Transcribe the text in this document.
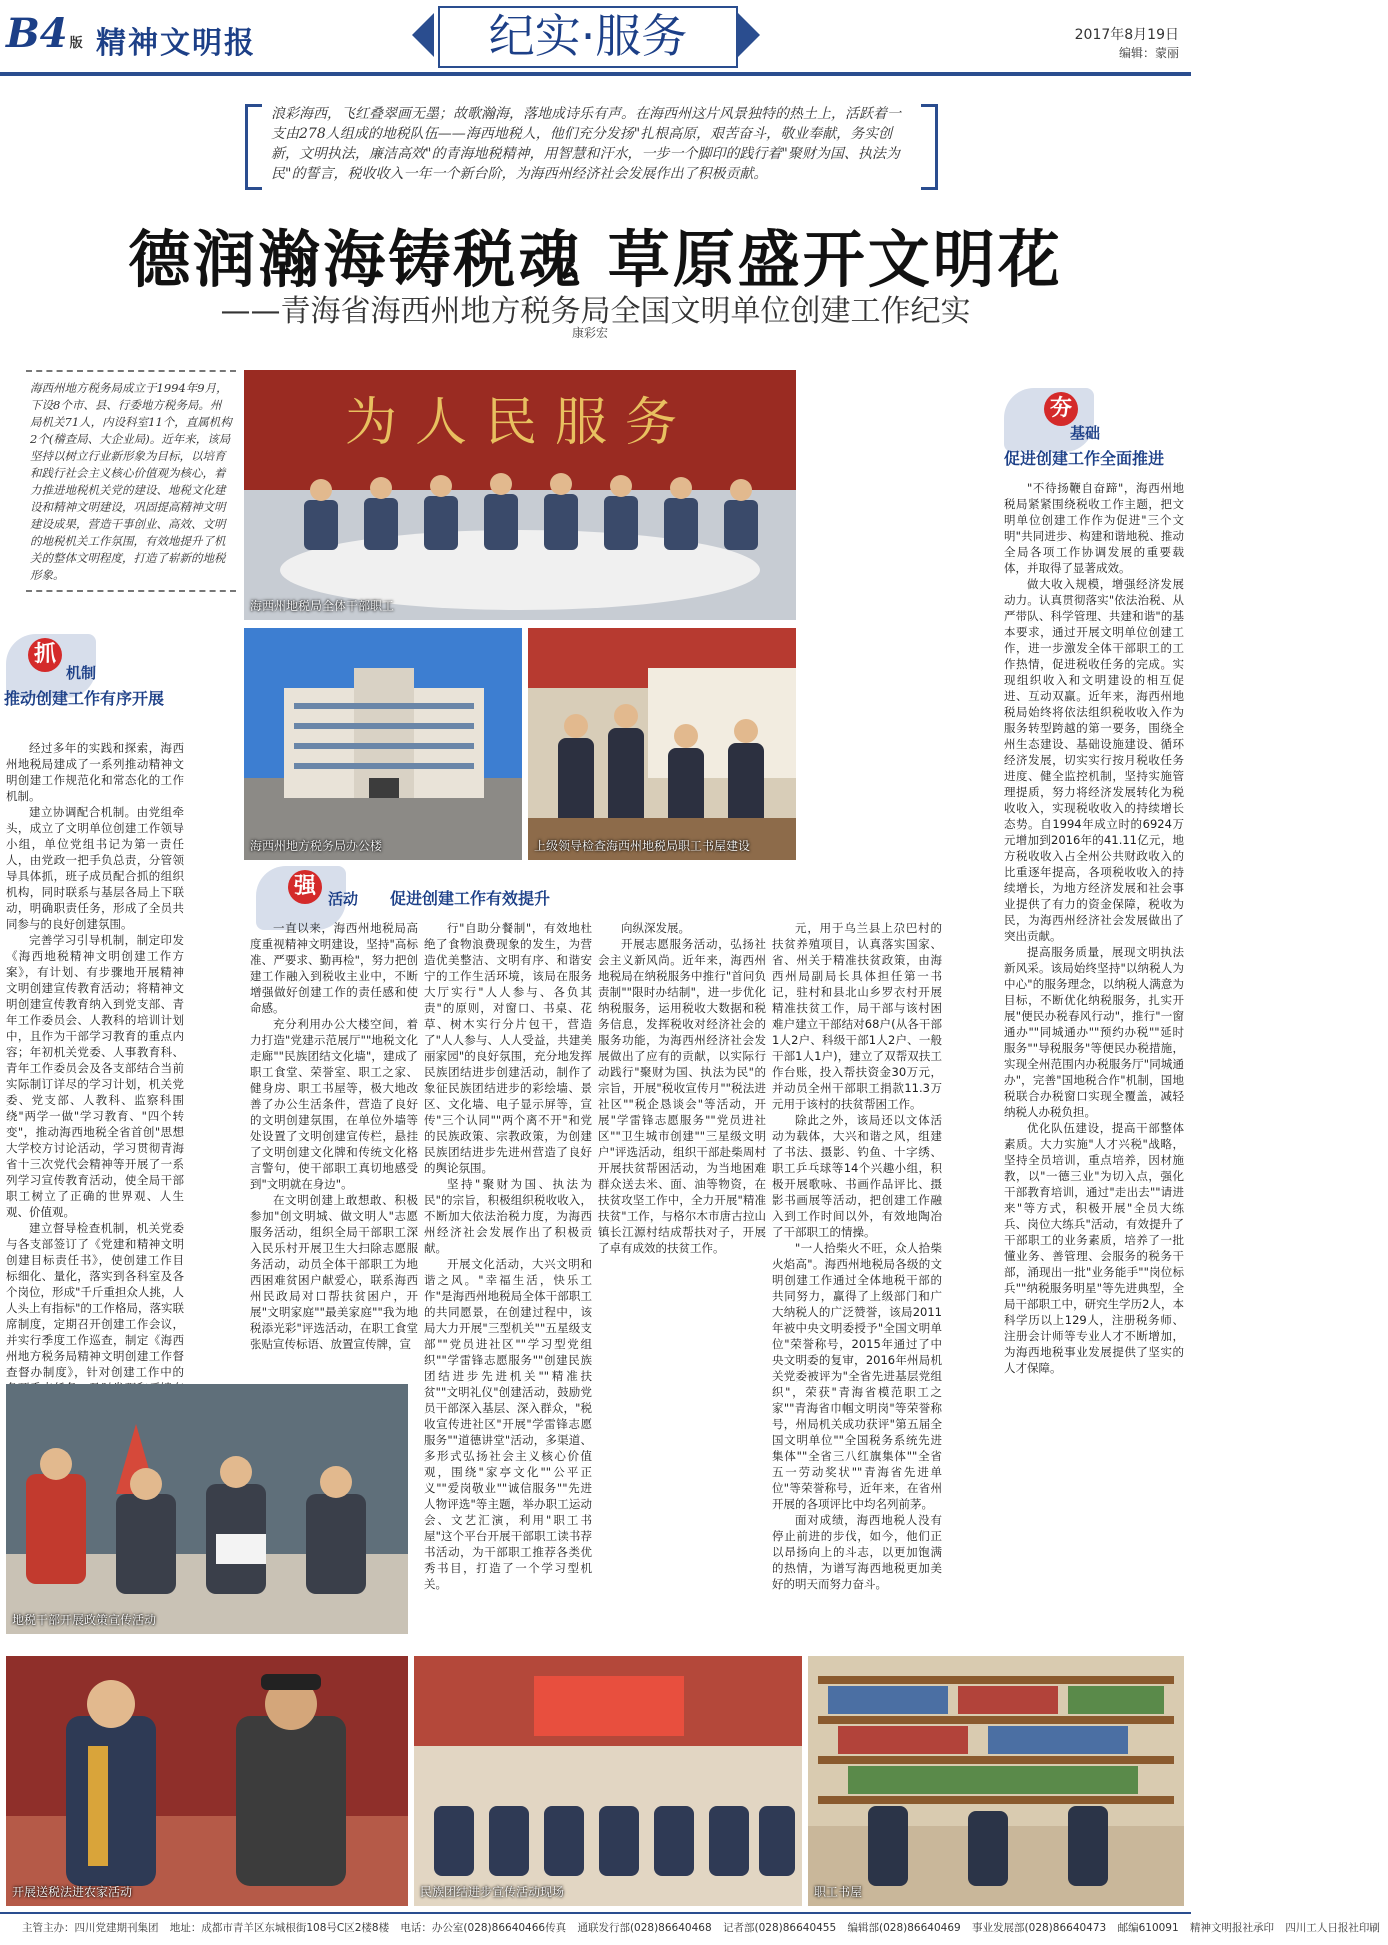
B4 版 精神文明报	纪实·服务	2017年8月19日
编辑：蒙丽
浪彩海西，飞红叠翠画无墨；故歌瀚海，落地成诗乐有声。在海西州这片风景独特的热土上，活跃着一支由278人组成的地税队伍——海西地税人，他们充分发扬"扎根高原，艰苦奋斗，敬业奉献，务实创新，文明执法，廉洁高效"的青海地税精神，用智慧和汗水，一步一个脚印的践行着"聚财为国、执法为民"的誓言，税收收入一年一个新台阶，为海西州经济社会发展作出了积极贡献。
德润瀚海铸税魂 草原盛开文明花
——青海省海西州地方税务局全国文明单位创建工作纪实
康彩宏
海西州地方税务局成立于1994年9月，下设8个市、县、行委地方税务局。州局机关71人，内设科室11个，直属机构2个(稽查局、大企业局)。近年来，该局坚持以树立行业新形象为目标，以培育和践行社会主义核心价值观为核心，着力推进地税机关党的建设、地税文化建设和精神文明建设，巩固提高精神文明建设成果，营造干事创业、高效、文明的地税机关工作氛围，有效地提升了机关的整体文明程度，打造了崭新的地税形象。
为人民服务
海西州地税局全体干部职工
海西州地方税务局办公楼	上级领导检查海西州地税局职工书屋建设
抓
机制
推动创建工作有序开展
强 活动 促进创建工作有效提升
夯
基础
促进创建工作全面推进

经过多年的实践和探索，海西州地税局建成了一系列推动精神文明创建工作规范化和常态化的工作机制。

建立协调配合机制。由党组牵头，成立了文明单位创建工作领导小组，单位党组书记为第一责任人，由党政一把手负总责，分管领导具体抓，班子成员配合抓的组织机构，同时联系与基层各局上下联动，明确职责任务，形成了全员共同参与的良好创建氛围。

完善学习引导机制，制定印发《海西地税精神文明创建工作方案》，有计划、有步骤地开展精神文明创建宣传教育活动；将精神文明创建宣传教育纳入到党支部、青年工作委员会、人教科的培训计划中，且作为干部学习教育的重点内容；年初机关党委、人事教育科、青年工作委员会及各支部结合当前实际制订详尽的学习计划，机关党委、党支部、人教科、监察科围绕"两学一做"学习教育、"四个转变"，推动海西地税全省首创"思想大学校方讨论活动，学习贯彻青海省十三次党代会精神等开展了一系列学习宣传教育活动，使全局干部职工树立了正确的世界观、人生观、价值观。

建立督导检查机制，机关党委与各支部签订了《党建和精神文明创建目标责任书》，使创建工作目标细化、量化，落实到各科室及各个岗位，形成"千斤重担众人挑，人人头上有指标"的工作格局，落实联席制度，定期召开创建工作会议，并实行季度工作巡查，制定《海西州地方税务局精神文明创建工作督查督办制度》，针对创建工作中的

一直以来，海西州地税局高度重视精神文明建设，坚持"高标准、严要求、勤再检"，努力把创建工作融入到税收主业中，不断增强做好创建工作的责任感和使命感。

充分利用办公大楼空间，着力打造"党建示范展厅""地税文化走廊""民族团结文化墙"，建成了职工食堂、荣誉室、职工之家、健身房、职工书屋等，极大地改善了办公生活条件，营造了良好的文明创建氛围，在单位外墙等处设置了文明创建宣传栏，悬挂了文明创建文化牌和传统文化格言警句，使干部职工真切地感受到"文明就在身边"。

在文明创建上敢想敢、积极参加"创文明城、做文明人"志愿服务活动，组织全局干部职工深入民乐村开展卫生大扫除志愿服务活动，动员全体干部职工为地西困难贫困户献爱心，联系海西州民政局对口帮扶贫困户，开展"文明家庭""最美家庭""我为地税添光彩"评选活动，在职工食堂张贴宣传标语、放置宣传牌，宣

行"自助分餐制"，有效地杜绝了食物浪费现象的发生，为营造优美整洁、文明有序、和谐安宁的工作生活环境，该局在服务大厅实行"人人参与、各负其责"的原则，对窗口、书桌、花草、树木实行分片包干，营造了"人人参与、人人受益，共建美丽家园"的良好氛围，充分地发挥民族团结进步创建活动，制作了象征民族团结进步的彩绘墙、景区、文化墙、电子显示屏等，宣传"三个认同""两个离不开"和党的民族政策、宗教政策，为创建民族团结进步先进州营造了良好的舆论氛围。

坚持"聚财为国、执法为民"的宗旨，积极组织税收收入，不断加大依法治税力度，为海西州经济社会发展作出了积极贡献。

开展文化活动，大兴文明和谐之风。"幸福生活，快乐工作"是海西州地税局全体干部职工的共同愿景，在创建过程中，该局大力开展"三型机关""五星级支部""党员进社区""学习型党组织""学雷锋志愿服务""创建民族团结进步先进机关""精准扶贫""文明礼仪"创建活动，鼓励党员干部深入基层、深入群众，"税收宣传进社区"开展"学雷锋志愿服务""道德讲堂"活动，多渠道、多形式弘扬社会主义核心价值观，围绕"家亭文化""公平正义""爱岗敬业""诚信服务""先进人物评选"等主题，举办职工运动会、文艺汇演，利用"职工书屋"这个平台开展干部职工读书荐书活动，为干部职工推荐各类优秀书目，打造了一个学习型机关。

向纵深发展。

开展志愿服务活动，弘扬社会主义新风尚。近年来，海西州地税局在纳税服务中推行"首问负责制""限时办结制"，进一步优化纳税服务，运用税收大数据和税务信息，发挥税收对经济社会的服务功能，为海西州经济社会发展做出了应有的贡献，以实际行动践行"聚财为国、执法为民"的宗旨，开展"税收宣传月""税法进社区""税企恳谈会"等活动，开展"学雷锋志愿服务""党员进社区""卫生城市创建""三星级文明户"评选活动，组织干部赴柴周村开展扶贫帮困活动，为当地困难群众送去米、面、油等物资，在扶贫攻坚工作中，全力开展"精准扶贫"工作，与格尔木市唐古拉山镇长江源村结成帮扶对子，开展了卓有成效的扶贫工作。

元，用于乌兰县上尕巴村的扶贫养殖项目，认真落实国家、省、州关于精准扶贫政策，由海西州局副局长具体担任第一书记，驻村和县北山乡罗衣村开展精准扶贫工作，局干部与该村困难户建立干部结对68户(从各干部1人2户、科级干部1人2户、一般干部1人1户)，建立了双帮双扶工作台账，投入帮扶资金30万元，并动员全州干部职工捐款11.3万元用于该村的扶贫帮困工作。

除此之外，该局还以文体活动为载体，大兴和谐之风，组建了书法、摄影、钓鱼、十字绣、职工乒乓球等14个兴趣小组，积极开展歌咏、书画作品评比、摄影书画展等活动，把创建工作融入到工作时间以外，有效地陶冶了干部职工的情操。

"一人拾柴火不旺，众人拾柴火焰高"。海西州地税局各级的文明创建工作通过全体地税干部的共同努力，赢得了上级部门和广大纳税人的广泛赞誉，该局2011年被中央文明委授予"全国文明单位"荣誉称号，2015年通过了中央文明委的复审，2016年州局机关党委被评为"全省先进基层党组织"，荣获"青海省模范职工之家""青海省巾帼文明岗"等荣誉称号，州局机关成功获评"第五届全国文明单位""全国税务系统先进集体""全省三八红旗集体""全省五一劳动奖状""青海省先进单位"等荣誉称号，近年来，在省州开展的各项评比中均名列前茅。

面对成绩，海西地税人没有停止前进的步伐，如今，他们正以昂扬向上的斗志，以更加饱满的热情，为谱写海西地税更加美好的明天而努力奋斗。

"不待扬鞭自奋蹄"，海西州地税局紧紧围绕税收工作主题，把文明单位创建工作作为促进"三个文明"共同进步、构建和谐地税、推动全局各项工作协调发展的重要载体，并取得了显著成效。

做大收入规模，增强经济发展动力。认真贯彻落实"依法治税、从严带队、科学管理、共建和谐"的基本要求，通过开展文明单位创建工作，进一步激发全体干部职工的工作热情，促进税收任务的完成。实现组织收入和文明建设的相互促进、互动双赢。近年来，海西州地税局始终将依法组织税收收入作为服务转型跨越的第一要务，围绕全州生态建设、基础设施建设、循环经济发展，切实实行按月税收任务进度、健全监控机制，坚持实施管理提质，努力将经济发展转化为税收收入，实现税收收入的持续增长态势。自1994年成立时的6924万元增加到2016年的41.11亿元，地方税收收入占全州公共财政收入的比重逐年提高，各项税收收入的持续增长，为地方经济发展和社会事业提供了有力的资金保障，税收为民，为海西州经济社会发展做出了突出贡献。

提高服务质量，展现文明执法新风采。该局始终坚持"以纳税人为中心"的服务理念，以纳税人满意为目标，不断优化纳税服务，扎实开展"便民办税春风行动"，推行"一窗通办""同城通办""预约办税""延时服务""导税服务"等便民办税措施，实现全州范围内办税服务厅"同城通办"，完善"国地税合作"机制，国地税联合办税窗口实现全覆盖，减轻纳税人办税负担。

优化队伍建设，提高干部整体素质。大力实施"人才兴税"战略，坚持全员培训，重点培养，因材施教，以"一德三业"为切入点，强化干部教育培训，通过"走出去""请进来"等方式，积极开展"全员大练兵、岗位大练兵"活动，有效提升了干部职工的业务素质，培养了一批懂业务、善管理、会服务的税务干部，涌现出一批"业务能手""岗位标兵""纳税服务明星"等先进典型，全局干部职工中，研究生学历2人，本科学历以上129人，注册税务师、注册会计师等专业人才不断增加，为海西地税事业发展提供了坚实的人才保障。

地税干部开展政策宣传活动
开展送税法进农家活动	民族团结进步宣传活动现场	职工书屋
主管主办：四川党建期刊集团 地址：成都市青羊区东城根街108号C区2楼8楼 电话：办公室(028)86640466传真 通联发行部(028)86640468 记者部(028)86640455 编辑部(028)86640469 事业发展部(028)86640473 邮编610091 精神文明报社承印 四川工人日报社印刷
